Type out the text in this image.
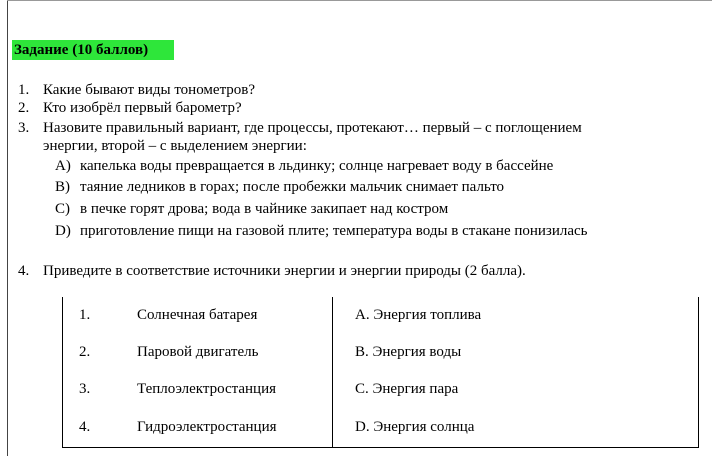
Задание (10 баллов)
1. Какие бывают виды тонометров?
2. Кто изобрёл первый барометр?
3. Назовите правильный вариант, где процессы, протекают… первый – с поглощением
энергии, второй – с выделением энергии:
A) капелька воды превращается в льдинку; солнце нагревает воду в бассейне
B) таяние ледников в горах; после пробежки мальчик снимает пальто
C) в печке горят дрова; вода в чайнике закипает над костром
D) приготовление пищи на газовой плите; температура воды в стакане понизилась
4. Приведите в соответствие источники энергии и энергии природы (2 балла).
1.	Солнечная батарея	A. Энергия топлива
2.	Паровой двигатель	B. Энергия воды
3.	Теплоэлектростанция	C. Энергия пара
4.	Гидроэлектростанция	D. Энергия солнца
